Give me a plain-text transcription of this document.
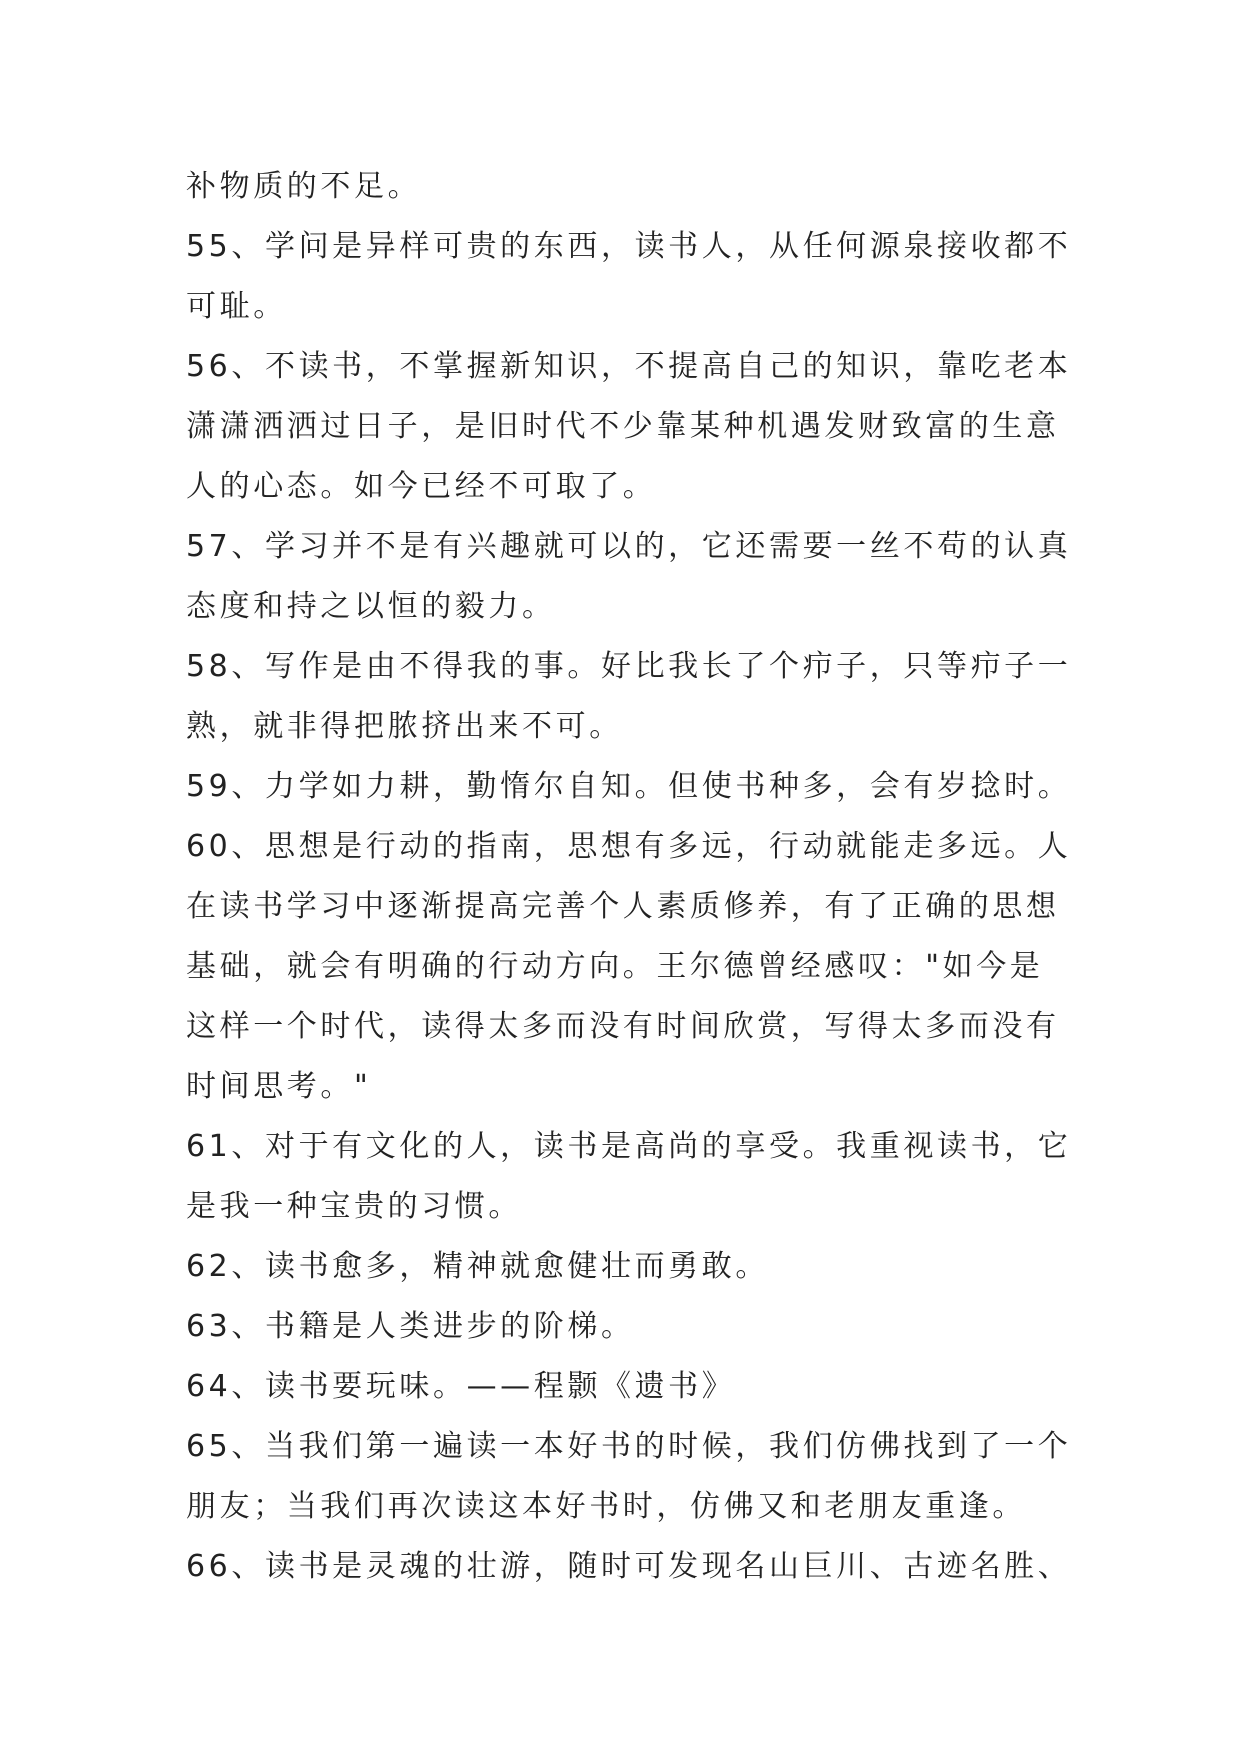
补物质的不足。
55、学问是异样可贵的东西，读书人，从任何源泉接收都不
可耻。
56、不读书，不掌握新知识，不提高自己的知识，靠吃老本
潇潇洒洒过日子，是旧时代不少靠某种机遇发财致富的生意
人的心态。如今已经不可取了。
57、学习并不是有兴趣就可以的，它还需要一丝不苟的认真
态度和持之以恒的毅力。
58、写作是由不得我的事。好比我长了个疖子，只等疖子一
熟，就非得把脓挤出来不可。
59、力学如力耕，勤惰尔自知。但使书种多，会有岁捻时。
60、思想是行动的指南，思想有多远，行动就能走多远。人
在读书学习中逐渐提高完善个人素质修养，有了正确的思想
基础，就会有明确的行动方向。王尔德曾经感叹："如今是
这样一个时代，读得太多而没有时间欣赏，写得太多而没有
时间思考。"
61、对于有文化的人，读书是高尚的享受。我重视读书，它
是我一种宝贵的习惯。
62、读书愈多，精神就愈健壮而勇敢。
63、书籍是人类进步的阶梯。
64、读书要玩味。——程颢《遗书》
65、当我们第一遍读一本好书的时候，我们仿佛找到了一个
朋友；当我们再次读这本好书时，仿佛又和老朋友重逢。
66、读书是灵魂的壮游，随时可发现名山巨川、古迹名胜、
